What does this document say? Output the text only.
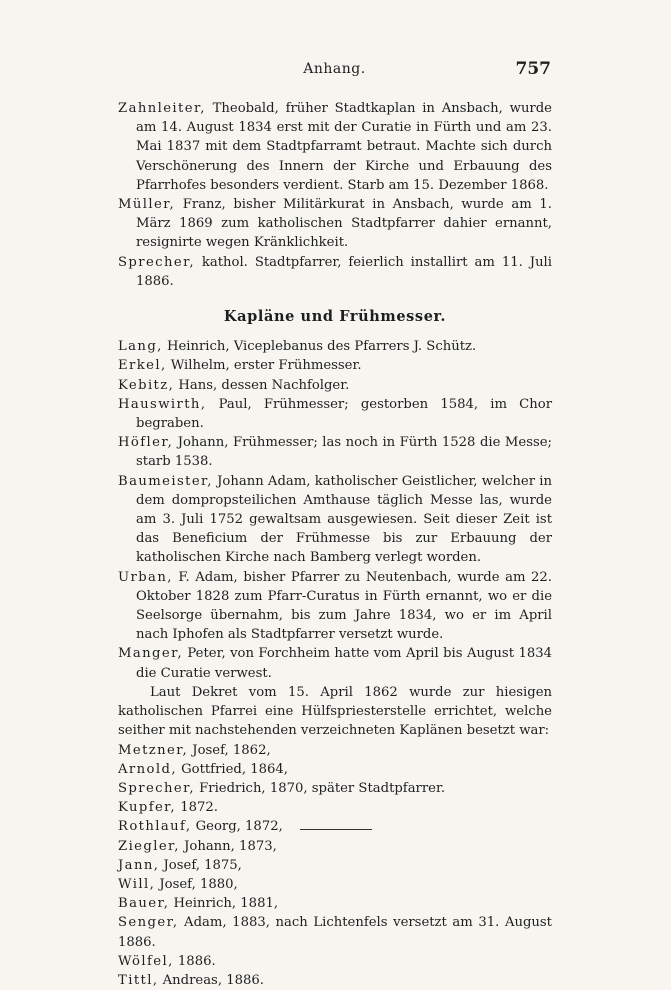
Anhang.	757

Zahnleiter, Theobald, früher Stadtkaplan in Ansbach, wurde am 14. August 1834 erst mit der Curatie in Fürth und am 23. Mai 1837 mit dem Stadtpfarramt betraut. Machte sich durch Verschönerung des Innern der Kirche und Erbauung des Pfarrhofes besonders verdient. Starb am 15. Dezember 1868.

Müller, Franz, bisher Militärkurat in Ansbach, wurde am 1. März 1869 zum katholischen Stadtpfarrer dahier ernannt, resignirte wegen Kränklichkeit.

Sprecher, kathol. Stadtpfarrer, feierlich installirt am 11. Juli 1886.

Kapläne und Frühmesser.

Lang, Heinrich, Viceplebanus des Pfarrers J. Schütz.

Erkel, Wilhelm, erster Frühmesser.

Kebitz, Hans, dessen Nachfolger.

Hauswirth, Paul, Frühmesser; gestorben 1584, im Chor begraben.

Höfler, Johann, Frühmesser; las noch in Fürth 1528 die Messe; starb 1538.

Baumeister, Johann Adam, katholischer Geistlicher, welcher in dem dompropsteilichen Amthause täglich Messe las, wurde am 3. Juli 1752 gewaltsam ausgewiesen. Seit dieser Zeit ist das Beneficium der Frühmesse bis zur Erbauung der katholischen Kirche nach Bamberg verlegt worden.

Urban, F. Adam, bisher Pfarrer zu Neutenbach, wurde am 22. Oktober 1828 zum Pfarr-Curatus in Fürth ernannt, wo er die Seelsorge übernahm, bis zum Jahre 1834, wo er im April nach Iphofen als Stadtpfarrer versetzt wurde.

Manger, Peter, von Forchheim hatte vom April bis August 1834 die Curatie verwest.

Laut Dekret vom 15. April 1862 wurde zur hiesigen katholischen Pfarrei eine Hülfspriesterstelle errichtet, welche seither mit nachstehenden verzeichneten Kaplänen besetzt war:

Metzner, Josef, 1862,

Arnold, Gottfried, 1864,

Sprecher, Friedrich, 1870, später Stadtpfarrer.

Kupfer, 1872.

Rothlauf, Georg, 1872,

Ziegler, Johann, 1873,

Jann, Josef, 1875,

Will, Josef, 1880,

Bauer, Heinrich, 1881,

Senger, Adam, 1883, nach Lichtenfels versetzt am 31. August 1886.

Wölfel, 1886.

Tittl, Andreas, 1886.
